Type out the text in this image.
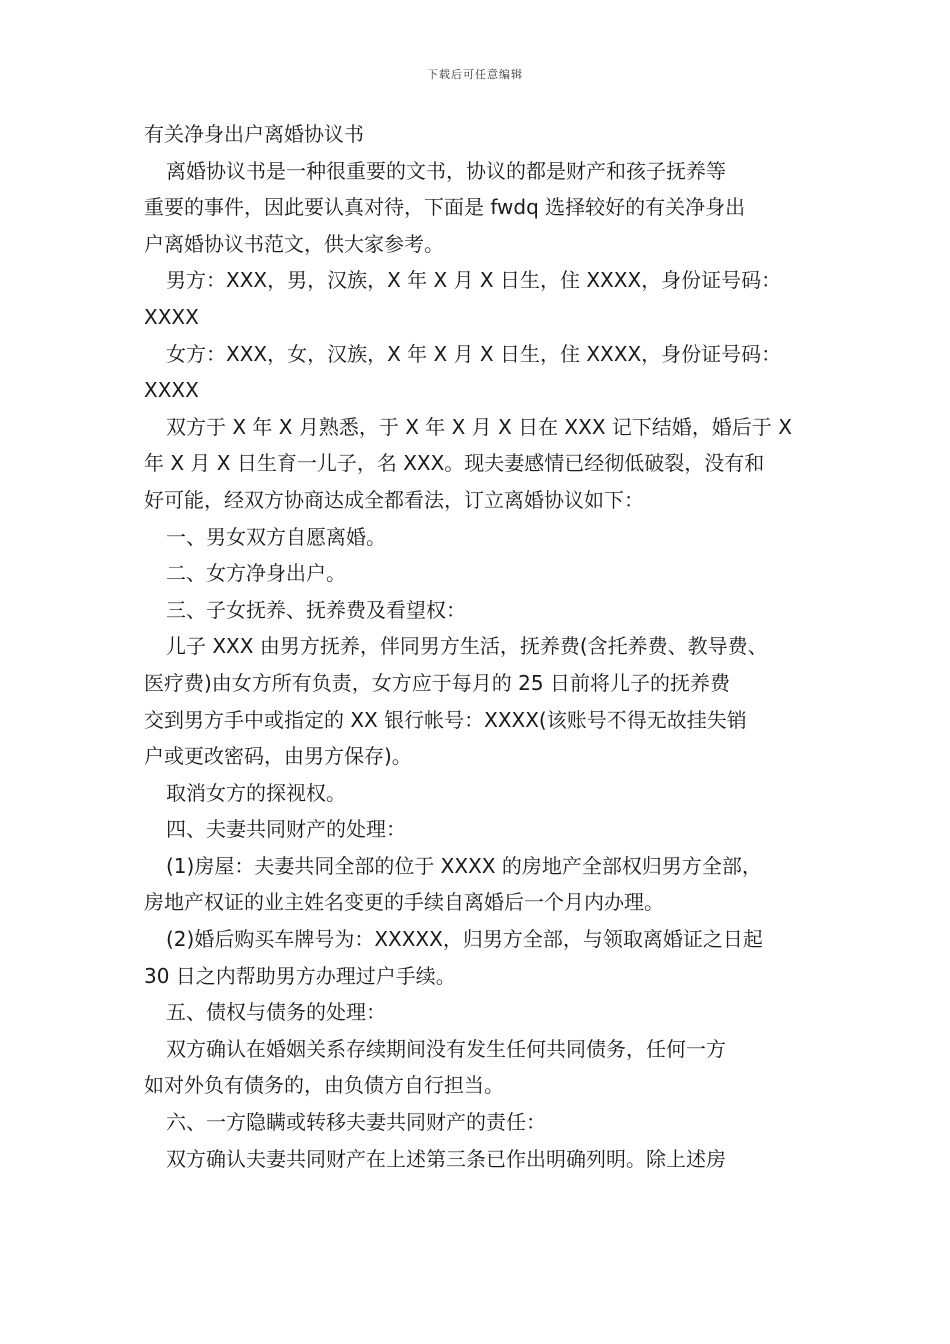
下载后可任意编辑
有关净身出户离婚协议书
离婚协议书是一种很重要的文书，协议的都是财产和孩子抚养等
重要的事件，因此要认真对待，下面是 fwdq 选择较好的有关净身出
户离婚协议书范文，供大家参考。
男方：XXX，男，汉族，X 年 X 月 X 日生，住 XXXX，身份证号码：
XXXX
女方：XXX，女，汉族，X 年 X 月 X 日生，住 XXXX，身份证号码：
XXXX
双方于 X 年 X 月熟悉，于 X 年 X 月 X 日在 XXX 记下结婚，婚后于 X
年 X 月 X 日生育一儿子，名 XXX。现夫妻感情已经彻低破裂，没有和
好可能，经双方协商达成全都看法，订立离婚协议如下：
一、男女双方自愿离婚。
二、女方净身出户。
三、子女抚养、抚养费及看望权：
儿子 XXX 由男方抚养，伴同男方生活，抚养费(含托养费、教导费、
医疗费)由女方所有负责，女方应于每月的 25 日前将儿子的抚养费
交到男方手中或指定的 XX 银行帐号：XXXX(该账号不得无故挂失销
户或更改密码，由男方保存)。
取消女方的探视权。
四、夫妻共同财产的处理：
(1)房屋：夫妻共同全部的位于 XXXX 的房地产全部权归男方全部，
房地产权证的业主姓名变更的手续自离婚后一个月内办理。
(2)婚后购买车牌号为：XXXXX，归男方全部，与领取离婚证之日起
30 日之内帮助男方办理过户手续。
五、债权与债务的处理：
双方确认在婚姻关系存续期间没有发生任何共同债务，任何一方
如对外负有债务的，由负债方自行担当。
六、一方隐瞒或转移夫妻共同财产的责任：
双方确认夫妻共同财产在上述第三条已作出明确列明。除上述房
